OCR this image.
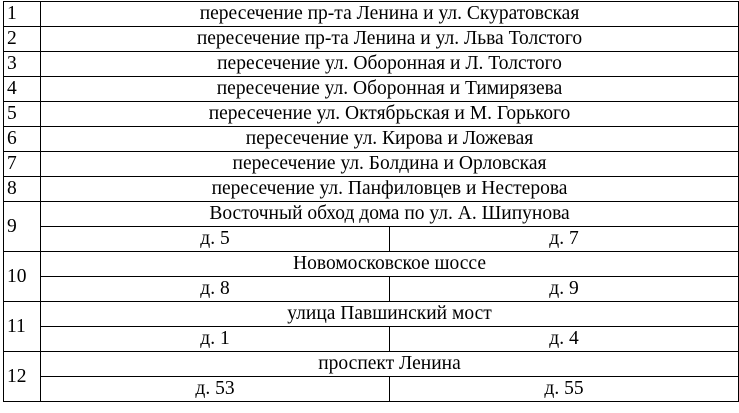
1	пересечение пр-та Ленина и ул. Скуратовская	
2	пересечение пр-та Ленина и ул. Льва Толстого	
3	пересечение ул. Оборонная и Л. Толстого	
4	пересечение ул. Оборонная и Тимирязева	
5	пересечение ул. Октябрьская и М. Горького	
6	пересечение ул. Кирова и Ложевая	
7	пересечение ул. Болдина и Орловская	
8	пересечение ул. Панфиловцев и Нестерова	
9	Восточный обход дома по ул. А. Шипунова	

	д. 5	д. 7

10	Новомосковское шоссе	

	д. 8	д. 9

11	улица Павшинский мост	

	д. 1	д. 4

12	проспект Ленина	

	д. 53	д. 55
